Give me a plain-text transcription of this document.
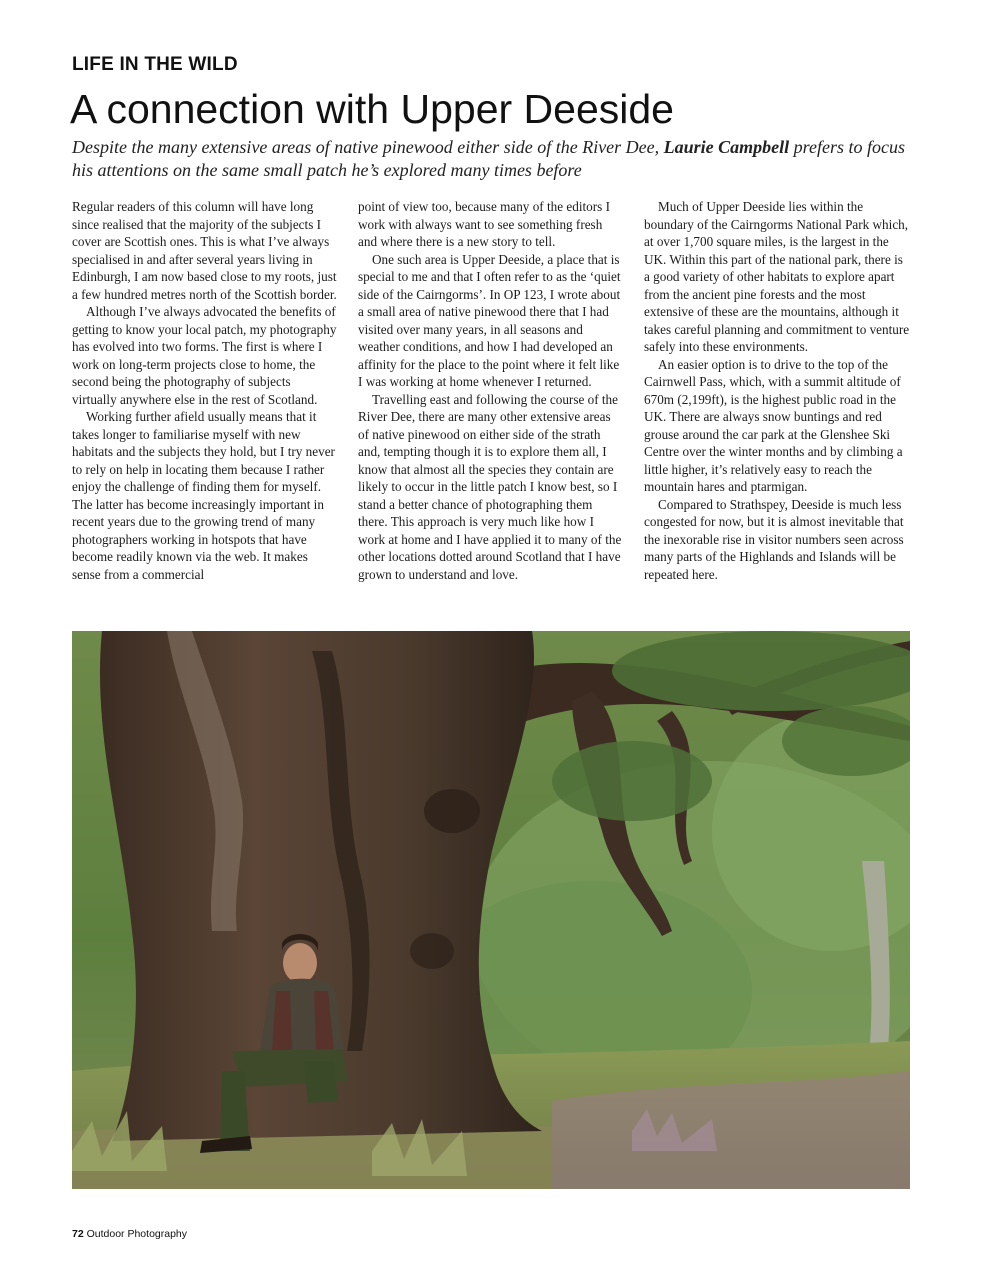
LIFE IN THE WILD
A connection with Upper Deeside
Despite the many extensive areas of native pinewood either side of the River Dee, Laurie Campbell prefers to focus his attentions on the same small patch he’s explored many times before

Regular readers of this column will have long since realised that the majority of the subjects I cover are Scottish ones. This is what I’ve always specialised in and after several years living in Edinburgh, I am now based close to my roots, just a few hundred metres north of the Scottish border.

Although I’ve always advocated the benefits of getting to know your local patch, my photography has evolved into two forms. The first is where I work on long-term projects close to home, the second being the photography of subjects virtually anywhere else in the rest of Scotland.

Working further afield usually means that it takes longer to familiarise myself with new habitats and the subjects they hold, but I try never to rely on help in locating them because I rather enjoy the challenge of finding them for myself. The latter has become increasingly important in recent years due to the growing trend of many photographers working in hotspots that have become readily known via the web. It makes sense from a commercial

point of view too, because many of the editors I work with always want to see something fresh and where there is a new story to tell.

One such area is Upper Deeside, a place that is special to me and that I often refer to as the ‘quiet side of the Cairngorms’. In OP 123, I wrote about a small area of native pinewood there that I had visited over many years, in all seasons and weather conditions, and how I had developed an affinity for the place to the point where it felt like I was working at home whenever I returned.

Travelling east and following the course of the River Dee, there are many other extensive areas of native pinewood on either side of the strath and, tempting though it is to explore them all, I know that almost all the species they contain are likely to occur in the little patch I know best, so I stand a better chance of photographing them there. This approach is very much like how I work at home and I have applied it to many of the other locations dotted around Scotland that I have grown to understand and love.

Much of Upper Deeside lies within the boundary of the Cairngorms National Park which, at over 1,700 square miles, is the largest in the UK. Within this part of the national park, there is a good variety of other habitats to explore apart from the ancient pine forests and the most extensive of these are the mountains, although it takes careful planning and commitment to venture safely into these environments.

An easier option is to drive to the top of the Cairnwell Pass, which, with a summit altitude of 670m (2,199ft), is the highest public road in the UK. There are always snow buntings and red grouse around the car park at the Glenshee Ski Centre over the winter months and by climbing a little higher, it’s relatively easy to reach the mountain hares and ptarmigan.

Compared to Strathspey, Deeside is much less congested for now, but it is almost inevitable that the inexorable rise in visitor numbers seen across many parts of the Highlands and Islands will be repeated here.

72 Outdoor Photography
